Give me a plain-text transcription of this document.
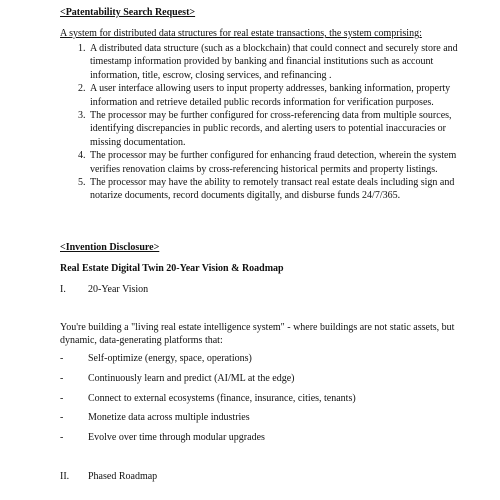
<Patentability Search Request>
A system for distributed data structures for real estate transactions, the system comprising:
1. A distributed data structure (such as a blockchain) that could connect and securely store and timestamp information provided by banking and financial institutions such as account information, title, escrow, closing services, and refinancing .
2. A user interface allowing users to input property addresses, banking information, property information and retrieve detailed public records information for verification purposes.
3. The processor may be further configured for cross-referencing data from multiple sources, identifying discrepancies in public records, and alerting users to potential inaccuracies or missing documentation.
4. The processor may be further configured for enhancing fraud detection, wherein the system verifies renovation claims by cross-referencing historical permits and property listings.
5. The processor may have the ability to remotely transact real estate deals including sign and notarize documents, record documents digitally, and disburse funds 24/7/365.
<Invention Disclosure>
Real Estate Digital Twin 20-Year Vision & Roadmap
I. 20-Year Vision
You're building a "living real estate intelligence system" - where buildings are not static assets, but dynamic, data-generating platforms that:
- Self-optimize (energy, space, operations)
- Continuously learn and predict (AI/ML at the edge)
- Connect to external ecosystems (finance, insurance, cities, tenants)
- Monetize data across multiple industries
- Evolve over time through modular upgrades
II. Phased Roadmap
